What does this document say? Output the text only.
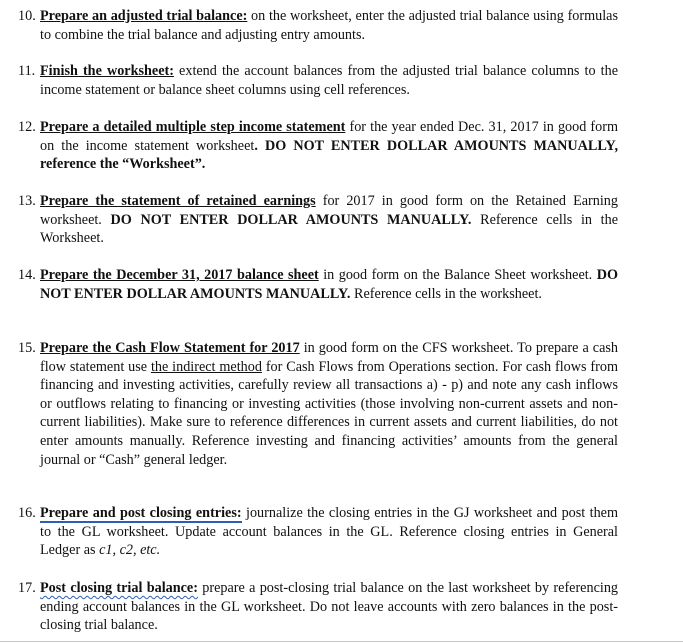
10. Prepare an adjusted trial balance: on the worksheet, enter the adjusted trial balance using formulas to combine the trial balance and adjusting entry amounts.
11. Finish the worksheet: extend the account balances from the adjusted trial balance columns to the income statement or balance sheet columns using cell references.
12. Prepare a detailed multiple step income statement for the year ended Dec. 31, 2017 in good form on the income statement worksheet. DO NOT ENTER DOLLAR AMOUNTS MANUALLY, reference the “Worksheet”.
13. Prepare the statement of retained earnings for 2017 in good form on the Retained Earning worksheet. DO NOT ENTER DOLLAR AMOUNTS MANUALLY. Reference cells in the Worksheet.
14. Prepare the December 31, 2017 balance sheet in good form on the Balance Sheet worksheet. DO NOT ENTER DOLLAR AMOUNTS MANUALLY. Reference cells in the worksheet.
15. Prepare the Cash Flow Statement for 2017 in good form on the CFS worksheet. To prepare a cash flow statement use the indirect method for Cash Flows from Operations section. For cash flows from financing and investing activities, carefully review all transactions a) - p) and note any cash inflows or outflows relating to financing or investing activities (those involving non-current assets and non-current liabilities). Make sure to reference differences in current assets and current liabilities, do not enter amounts manually. Reference investing and financing activities’ amounts from the general journal or “Cash” general ledger.
16. Prepare and post closing entries: journalize the closing entries in the GJ worksheet and post them to the GL worksheet. Update account balances in the GL. Reference closing entries in General Ledger as c1, c2, etc.
17. Post closing trial balance: prepare a post-closing trial balance on the last worksheet by referencing ending account balances in the GL worksheet. Do not leave accounts with zero balances in the post-closing trial balance.
